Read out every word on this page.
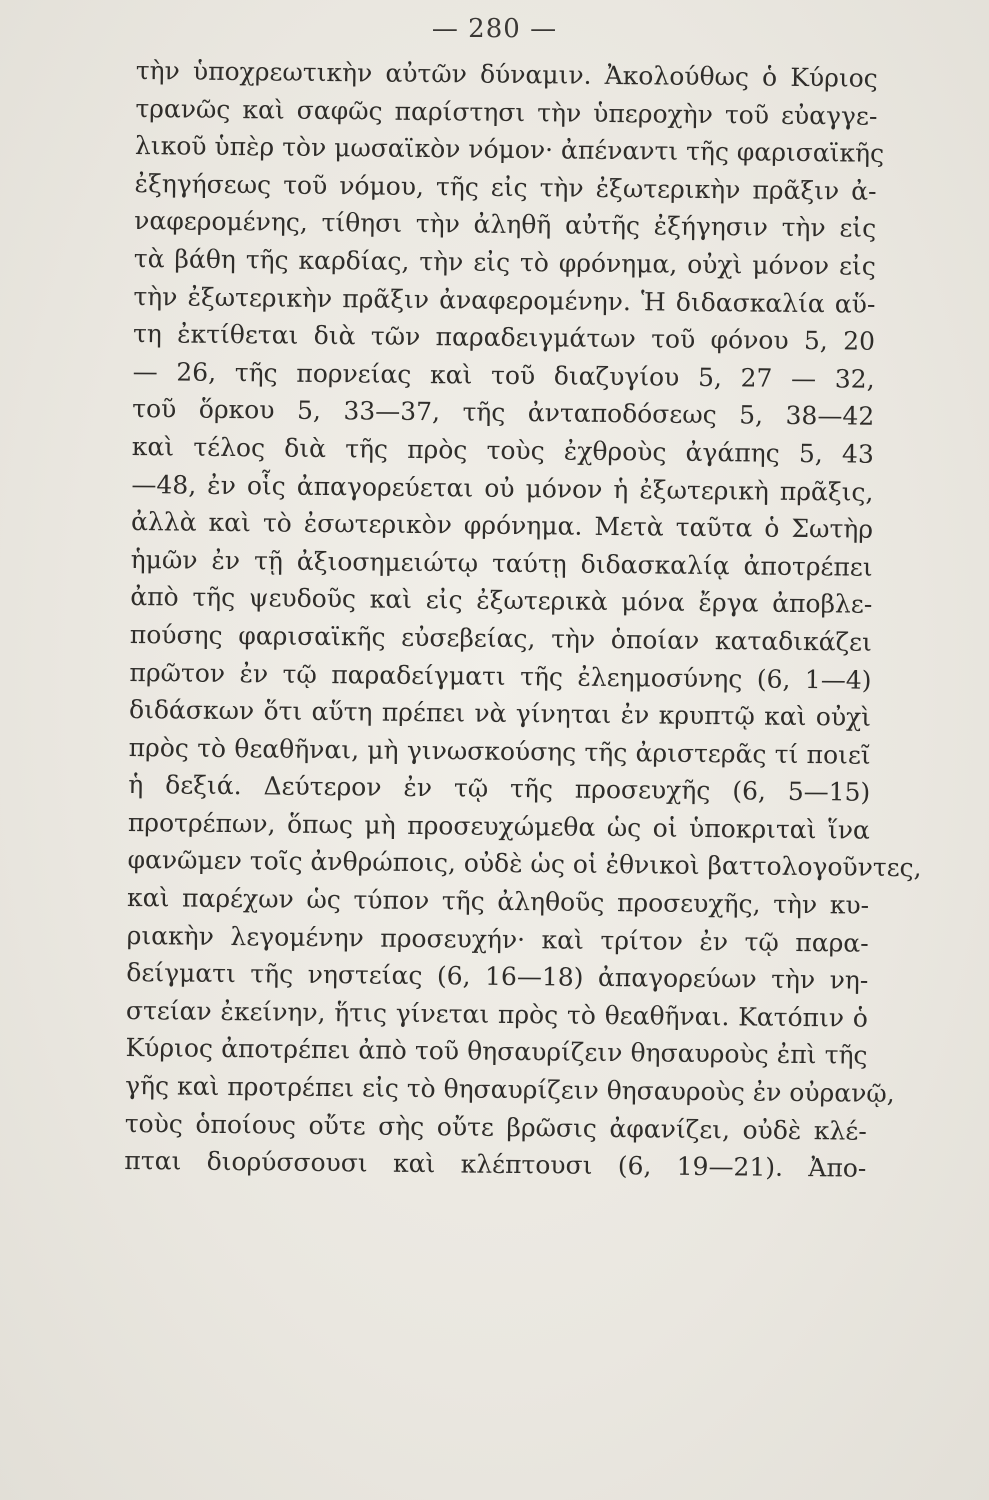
— 280 —
τὴν ὑποχρεωτικὴν αὐτῶν δύναμιν. Ἀκολούθως ὁ Κύριος
τρανῶς καὶ σαφῶς παρίστησι τὴν ὑπεροχὴν τοῦ εὐαγγε-
λικοῦ ὑπὲρ τὸν μωσαϊκὸν νόμον· ἀπέναντι τῆς φαρισαϊκῆς
ἐξηγήσεως τοῦ νόμου, τῆς εἰς τὴν ἐξωτερικὴν πρᾶξιν ἀ-
ναφερομένης, τίθησι τὴν ἀληθῆ αὐτῆς ἐξήγησιν τὴν εἰς
τὰ βάθη τῆς καρδίας, τὴν εἰς τὸ φρόνημα, οὐχὶ μόνον εἰς
τὴν ἐξωτερικὴν πρᾶξιν ἀναφερομένην. Ἡ διδασκαλία αὕ-
τη ἐκτίθεται διὰ τῶν παραδειγμάτων τοῦ φόνου 5, 20
— 26, τῆς πορνείας καὶ τοῦ διαζυγίου 5, 27 — 32,
τοῦ ὅρκου 5, 33—37, τῆς ἀνταποδόσεως 5, 38—42
καὶ τέλος διὰ τῆς πρὸς τοὺς ἐχθροὺς ἀγάπης 5, 43
—48, ἐν οἷς ἀπαγορεύεται οὐ μόνον ἡ ἐξωτερικὴ πρᾶξις,
ἀλλὰ καὶ τὸ ἐσωτερικὸν φρόνημα. Μετὰ ταῦτα ὁ Σωτὴρ
ἡμῶν ἐν τῇ ἀξιοσημειώτῳ ταύτῃ διδασκαλίᾳ ἀποτρέπει
ἀπὸ τῆς ψευδοῦς καὶ εἰς ἐξωτερικὰ μόνα ἔργα ἀποβλε-
πούσης φαρισαϊκῆς εὐσεβείας, τὴν ὁποίαν καταδικάζει
πρῶτον ἐν τῷ παραδείγματι τῆς ἐλεημοσύνης (6, 1—4)
διδάσκων ὅτι αὕτη πρέπει νὰ γίνηται ἐν κρυπτῷ καὶ οὐχὶ
πρὸς τὸ θεαθῆναι, μὴ γινωσκούσης τῆς ἀριστερᾶς τί ποιεῖ
ἡ δεξιά. Δεύτερον ἐν τῷ τῆς προσευχῆς (6, 5—15)
προτρέπων, ὅπως μὴ προσευχώμεθα ὡς οἱ ὑποκριταὶ ἵνα
φανῶμεν τοῖς ἀνθρώποις, οὐδὲ ὡς οἱ ἐθνικοὶ βαττολογοῦντες,
καὶ παρέχων ὡς τύπον τῆς ἀληθοῦς προσευχῆς, τὴν κυ-
ριακὴν λεγομένην προσευχήν· καὶ τρίτον ἐν τῷ παρα-
δείγματι τῆς νηστείας (6, 16—18) ἀπαγορεύων τὴν νη-
στείαν ἐκείνην, ἥτις γίνεται πρὸς τὸ θεαθῆναι. Κατόπιν ὁ
Κύριος ἀποτρέπει ἀπὸ τοῦ θησαυρίζειν θησαυροὺς ἐπὶ τῆς
γῆς καὶ προτρέπει εἰς τὸ θησαυρίζειν θησαυροὺς ἐν οὐρανῷ,
τοὺς ὁποίους οὔτε σὴς οὔτε βρῶσις ἀφανίζει, οὐδὲ κλέ-
πται διορύσσουσι καὶ κλέπτουσι (6, 19—21). Ἀπο-
